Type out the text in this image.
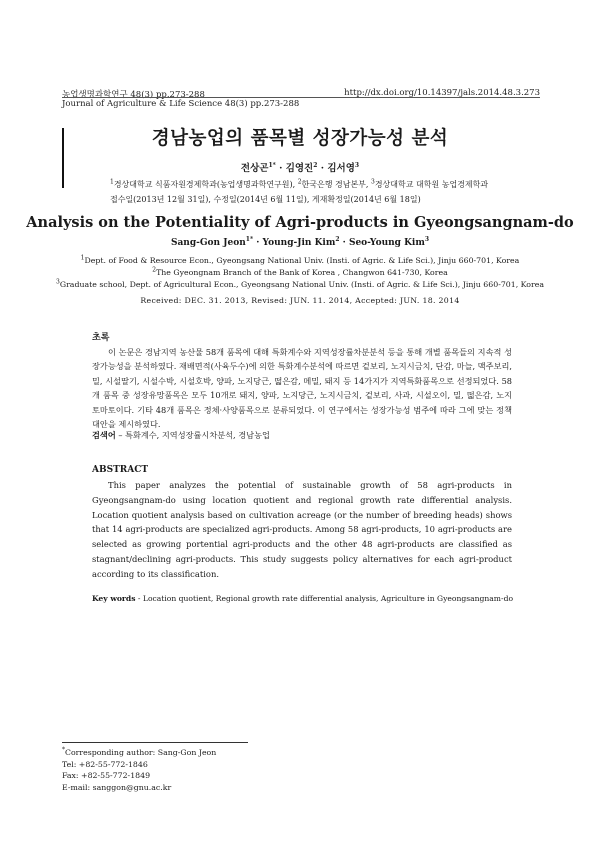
농업생명과학연구 48(3) pp.273-288	http://dx.doi.org/10.14397/jals.2014.48.3.273
Journal of Agriculture & Life Science 48(3) pp.273-288
경남농업의 품목별 성장가능성 분석
전상곤$^{1*}$ · 김영진$^2$ · 김서영$^3$
$^1$경상대학교 식품자원경제학과(농업생명과학연구원), $^2$한국은행 경남본부, $^3$경상대학교 대학원 농업경제학과
접수일(2013년 12월 31일), 수정일(2014년 6월 11일), 게재확정일(2014년 6월 18일)
Analysis on the Potentiality of Agri-products in Gyeongsangnam-do
Sang-Gon Jeon$^{1*}$ · Young-Jin Kim$^2$ · Seo-Young Kim$^3$
$^1$Dept. of Food & Resource Econ., Gyeongsang National Univ. (Insti. of Agric. & Life Sci.), Jinju 660-701, Korea
$^2$The Gyeongnam Branch of the Bank of Korea , Changwon 641-730, Korea
$^3$Graduate school, Dept. of Agricultural Econ., Gyeongsang National Univ. (Insti. of Agric. & Life Sci.), Jinju 660-701, Korea
Received: DEC. 31. 2013, Revised: JUN. 11. 2014, Accepted: JUN. 18. 2014
초록
이 논문은 경남지역 농산물 58개 품목에 대해 특화계수와 지역성장률차분분석 등을 통해 개별 품목들의 지속적 성장가능성을 분석하였다. 재배면적(사육두수)에 의한 특화계수분석에 따르면 겉보리, 노지시금치, 단감, 마늘, 맥주보리, 밀, 시설딸기, 시설수박, 시설호박, 양파, 노지당근, 떫은감, 메밀, 돼지 등 14가지가 지역특화품목으로 선정되었다. 58개 품목 중 성장유망품목은 모두 10개로 돼지, 양파, 노지당근, 노지시금치, 겉보리, 사과, 시설오이, 밀, 떫은감, 노지토마토이다. 기타 48개 품목은 정체·사양품목으로 분류되었다. 이 연구에서는 성장가능성 범주에 따라 그에 맞는 정책대안을 제시하였다.
검색어 – 특화계수, 지역성장률시차분석, 경남농업
ABSTRACT
This paper analyzes the potential of sustainable growth of 58 agri-products in Gyeongsangnam-do using location quotient and regional growth rate differential analysis. Location quotient analysis based on cultivation acreage (or the number of breeding heads) shows that 14 agri-products are specialized agri-products. Among 58 agri-products, 10 agri-products are selected as growing portential agri-products and the other 48 agri-products are classified as stagnant/declining agri-products. This study suggests policy alternatives for each agri-product according to its classification.
Key words - Location quotient, Regional growth rate differential analysis, Agriculture in Gyeongsangnam-do
*Corresponding author: Sang-Gon Jeon
Tel: +82-55-772-1846
Fax: +82-55-772-1849
E-mail: sanggon@gnu.ac.kr
